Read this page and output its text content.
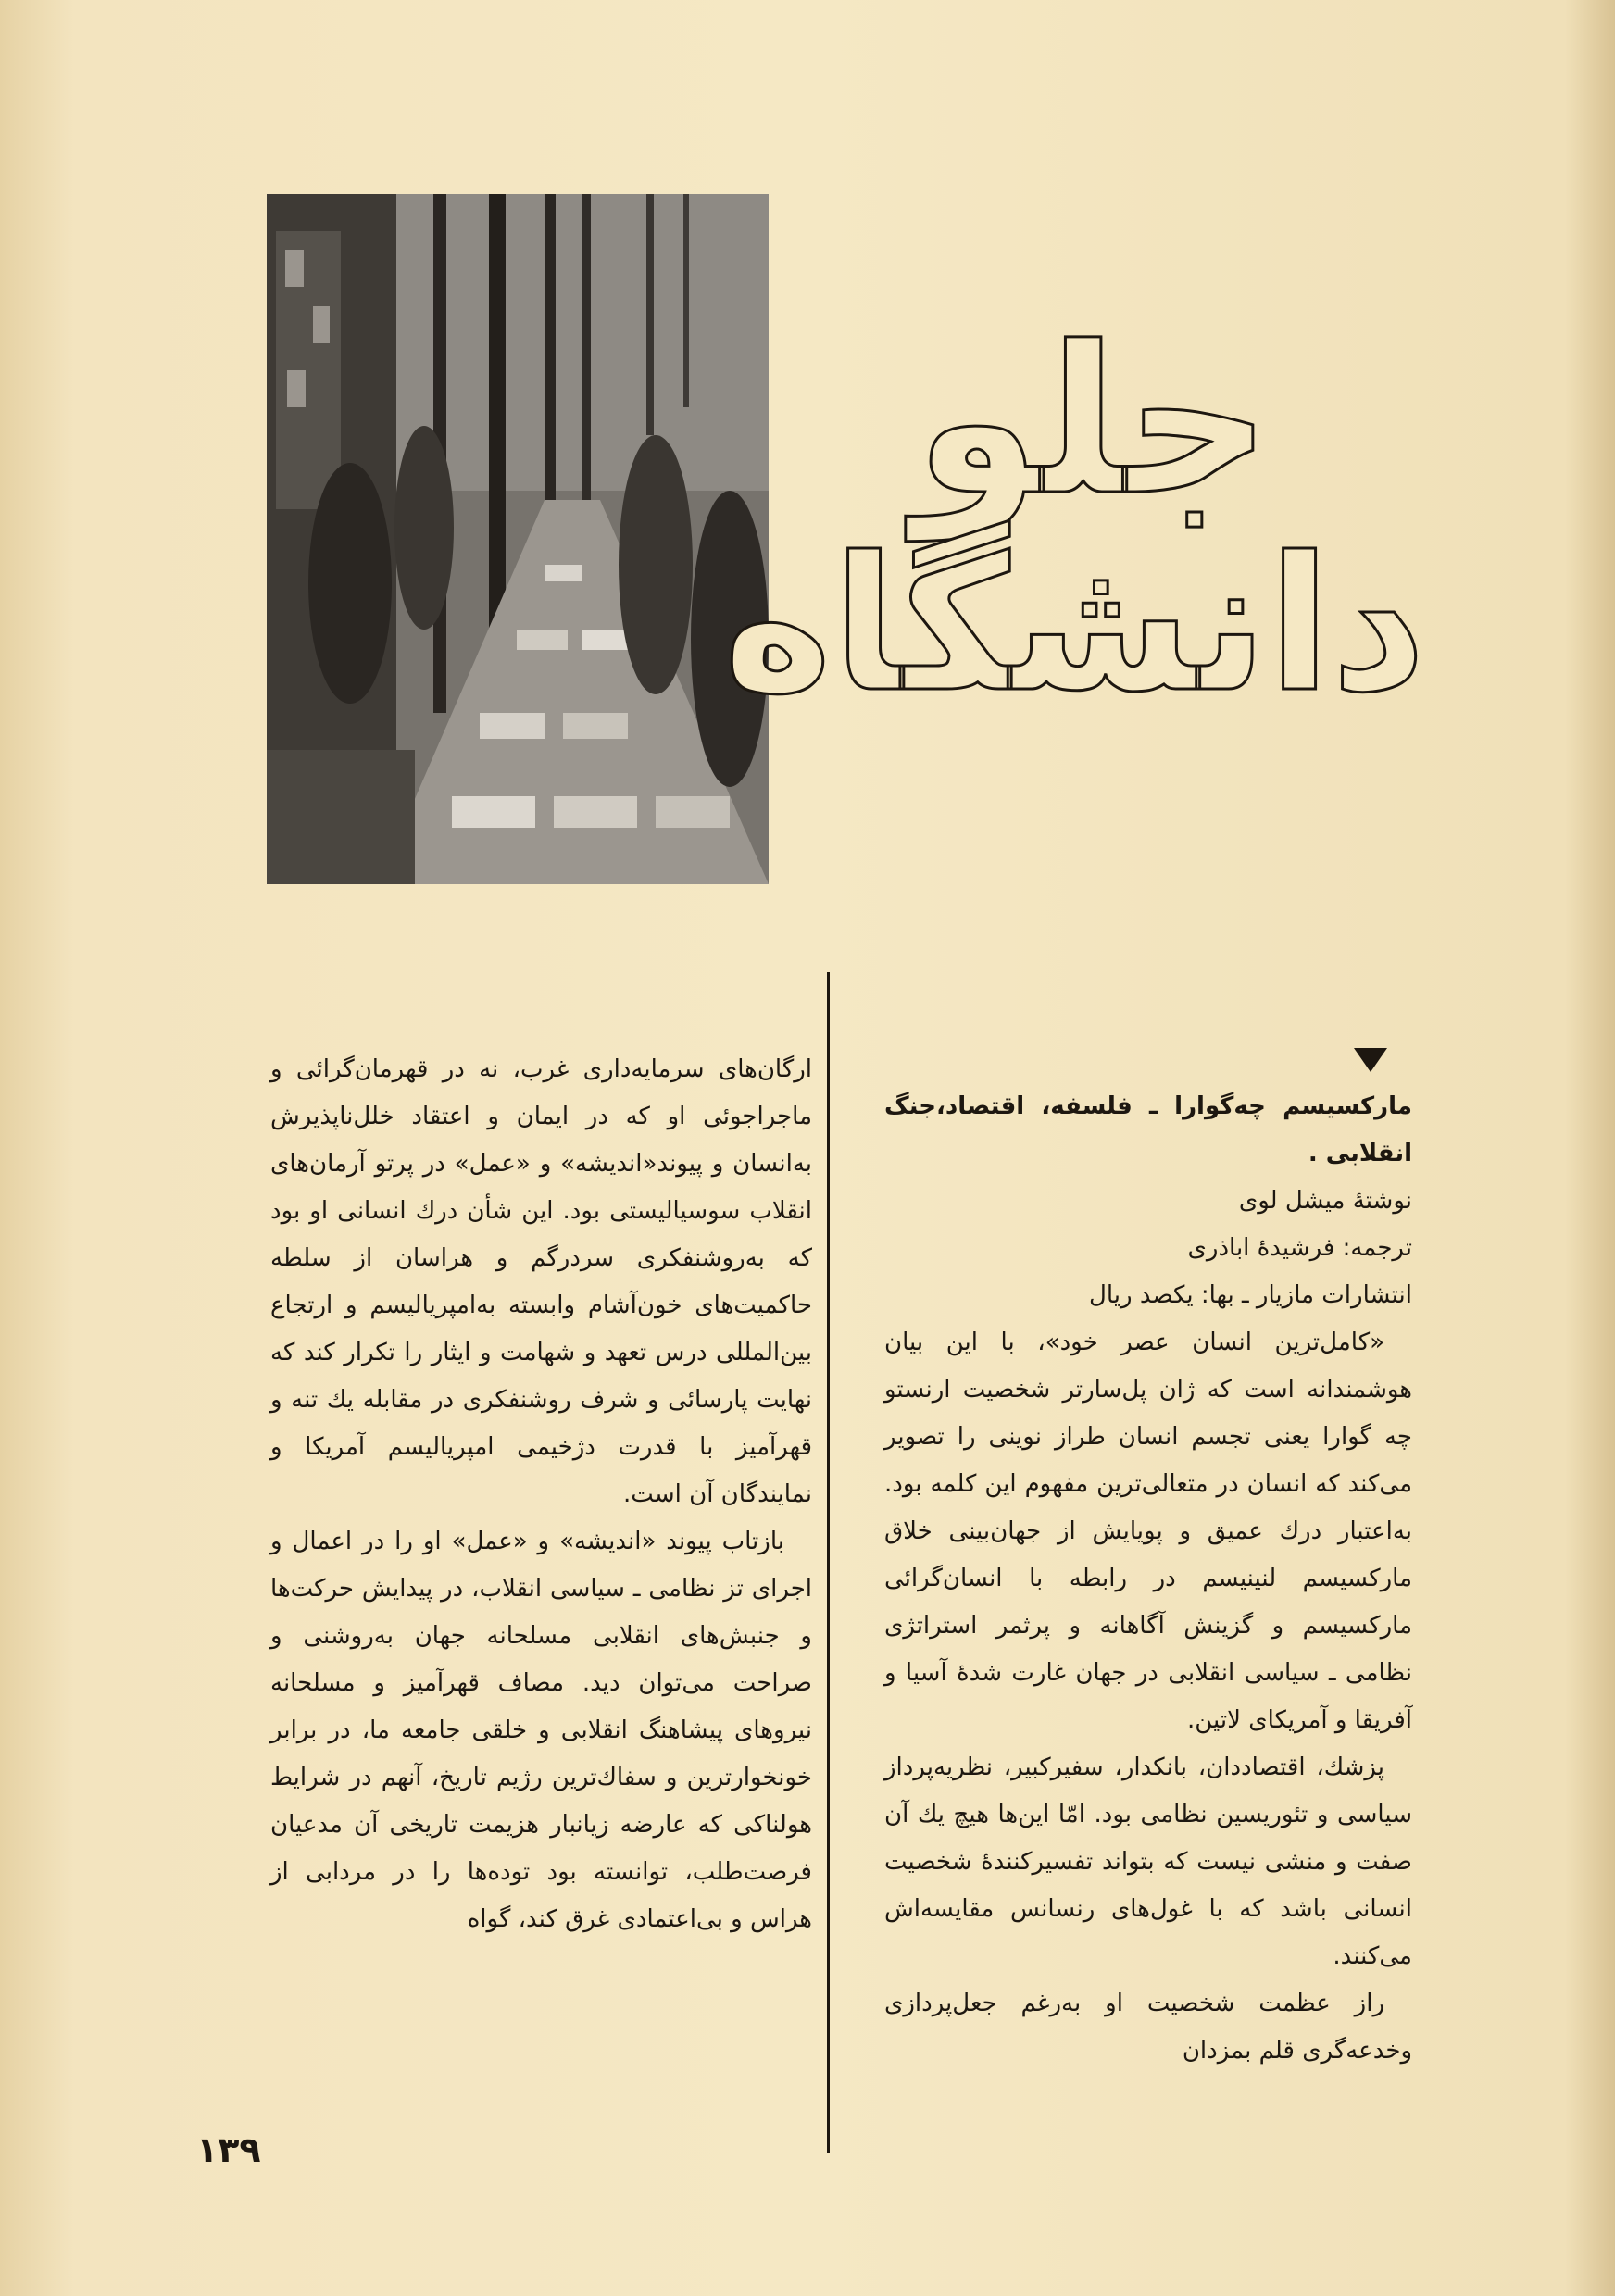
جلو
دانشگاه

مارکسیسم چه‌گوارا ـ فلسفه، اقتصاد،جنگ انقلابی .

نوشتهٔ میشل لوی

ترجمه: فرشیدهٔ اباذری

انتشارات مازیار ـ بها: یکصد ریال

«کامل‌ترین انسان عصر خود»، با این بیان هوشمندانه است که ژان پل‌سارتر شخصیت ارنستو چه گوارا یعنی تجسم انسان طراز نوینی را تصویر می‌کند که انسان در متعالی‌ترین مفهوم این کلمه بود. به‌اعتبار درك عمیق و پویایش از جهان‌بینی خلاق مارکسیسم لنینیسم در رابطه با انسان‌گرائی مارکسیسم و گزینش آگاهانه و پرثمر استراتژی نظامی ـ سیاسی انقلابی در جهان غارت شدهٔ آسیا و آفریقا و آمریکای لاتین.

پزشك، اقتصاددان، بانکدار، سفیرکبیر، نظریه‌پرداز سیاسی و تئوریسین نظامی بود. امّا این‌ها هیچ یك آن صفت و منشی نیست که بتواند تفسیرکنندهٔ شخصیت انسانی باشد که با غول‌های رنسانس مقایسه‌اش می‌کنند.

راز عظمت شخصیت او به‌رغم جعل‌پردازی وخدعه‌گری قلم بمزدان

ارگان‌های سرمایه‌داری غرب، نه در قهرمان‌گرائی و ماجراجوئی او که در ایمان و اعتقاد خلل‌ناپذیرش به‌انسان و پیوند«اندیشه» و «عمل» در پرتو آرمان‌های انقلاب سوسیالیستی بود. این شأن درك انسانی او بود که به‌روشنفکری سردرگم و هراسان از سلطه حاکمیت‌های خون‌آشام وابسته به‌امپریالیسم و ارتجاع بین‌المللی درس تعهد و شهامت و ایثار را تکرار کند که نهایت پارسائی و شرف روشنفکری در مقابله یك تنه و قهرآمیز با قدرت دژخیمی امپریالیسم آمریکا و نمایندگان آن است.

بازتاب پیوند «اندیشه» و «عمل» او را در اعمال و اجرای تز نظامی ـ سیاسی انقلاب، در پیدایش حرکت‌ها و جنبش‌های انقلابی مسلحانه جهان به‌روشنی و صراحت می‌توان دید. مصاف قهرآمیز و مسلحانه نیروهای پیشاهنگ انقلابی و خلقی جامعه ما، در برابر خونخوارترین و سفاك‌ترین رژیم تاریخ، آنهم در شرایط هولناکی که عارضه زیانبار هزیمت تاریخی آن مدعیان فرصت‌طلب، توانسته بود توده‌ها را در مردابی از هراس و بی‌اعتمادی غرق کند، گواه

۱۳۹
